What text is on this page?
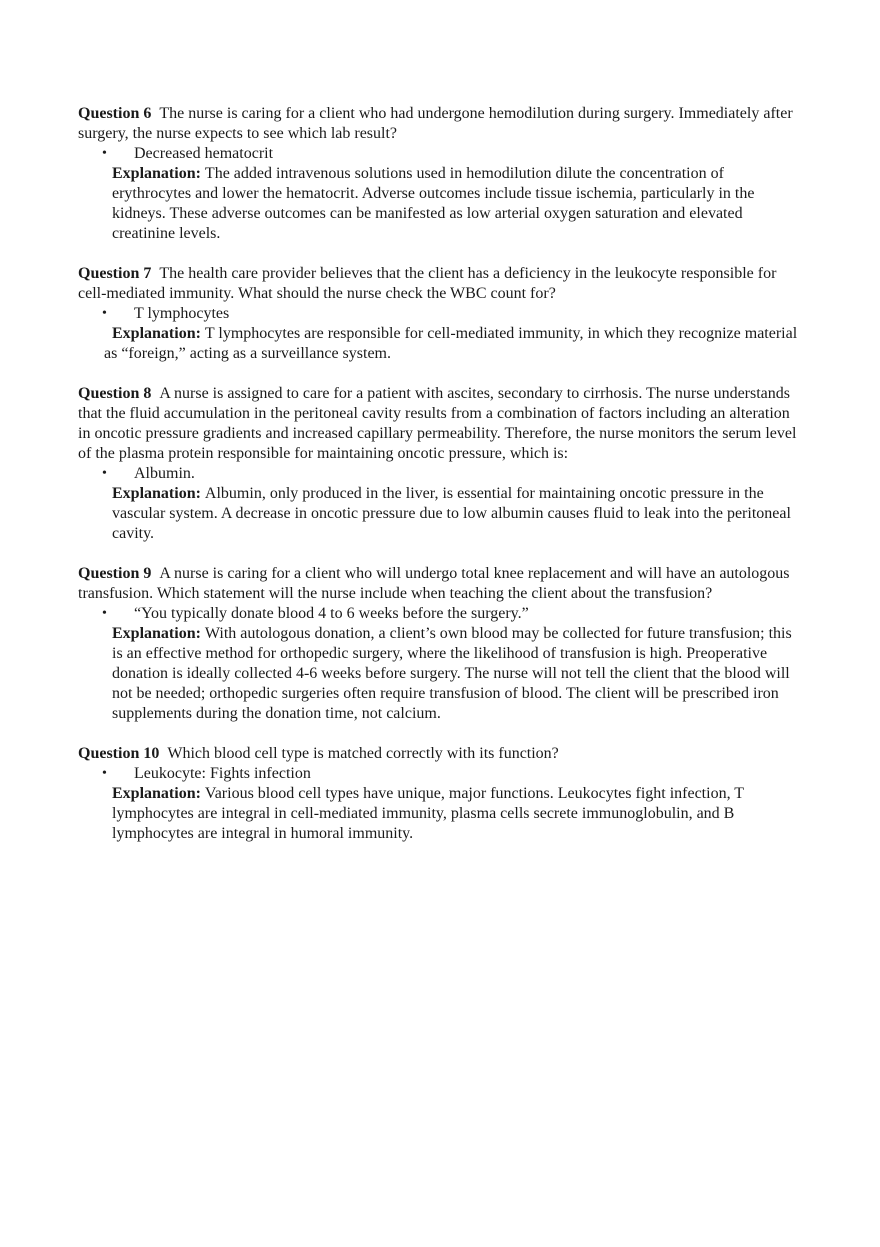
Question 6 The nurse is caring for a client who had undergone hemodilution during surgery. Immediately after surgery, the nurse expects to see which lab result?

• Decreased hematocrit

Explanation: The added intravenous solutions used in hemodilution dilute the concentration of erythrocytes and lower the hematocrit. Adverse outcomes include tissue ischemia, particularly in the kidneys. These adverse outcomes can be manifested as low arterial oxygen saturation and elevated creatinine levels.

Question 7 The health care provider believes that the client has a deficiency in the leukocyte responsible for cell-mediated immunity. What should the nurse check the WBC count for?

• T lymphocytes

Explanation: T lymphocytes are responsible for cell-mediated immunity, in which they recognize material as “foreign,” acting as a surveillance system.

Question 8 A nurse is assigned to care for a patient with ascites, secondary to cirrhosis. The nurse understands that the fluid accumulation in the peritoneal cavity results from a combination of factors including an alteration in oncotic pressure gradients and increased capillary permeability. Therefore, the nurse monitors the serum level of the plasma protein responsible for maintaining oncotic pressure, which is:

• Albumin.

Explanation: Albumin, only produced in the liver, is essential for maintaining oncotic pressure in the vascular system. A decrease in oncotic pressure due to low albumin causes fluid to leak into the peritoneal cavity.

Question 9 A nurse is caring for a client who will undergo total knee replacement and will have an autologous transfusion. Which statement will the nurse include when teaching the client about the transfusion?

• “You typically donate blood 4 to 6 weeks before the surgery.”

Explanation: With autologous donation, a client’s own blood may be collected for future transfusion; this is an effective method for orthopedic surgery, where the likelihood of transfusion is high. Preoperative donation is ideally collected 4-6 weeks before surgery. The nurse will not tell the client that the blood will not be needed; orthopedic surgeries often require transfusion of blood. The client will be prescribed iron supplements during the donation time, not calcium.

Question 10 Which blood cell type is matched correctly with its function?

• Leukocyte: Fights infection

Explanation: Various blood cell types have unique, major functions. Leukocytes fight infection, T lymphocytes are integral in cell-mediated immunity, plasma cells secrete immunoglobulin, and B lymphocytes are integral in humoral immunity.
